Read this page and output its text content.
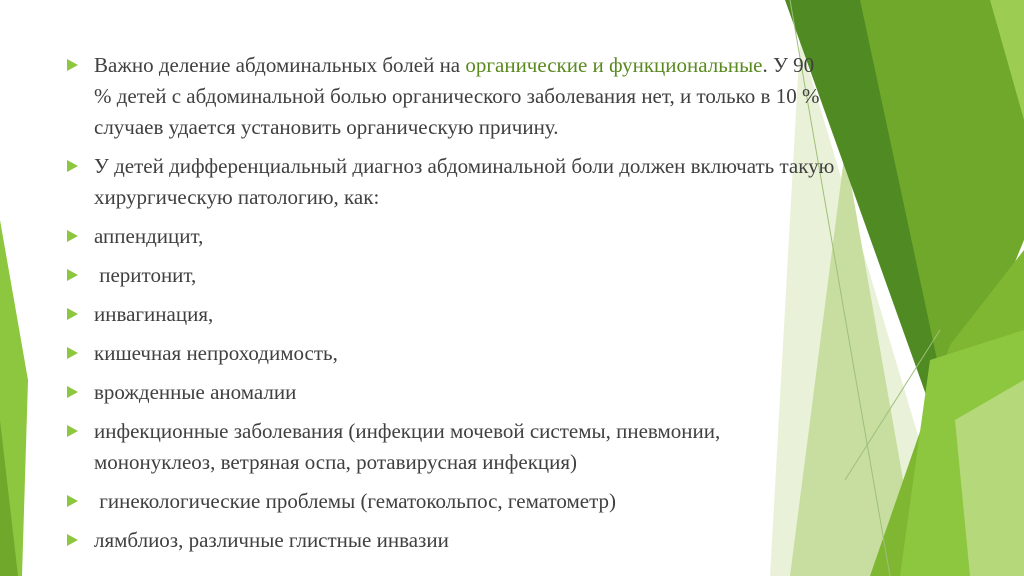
Важно деление абдоминальных болей на органические и функциональные. У 90 % детей с абдоминальной болью органического заболевания нет, и только в 10 % случаев удается установить органическую причину.
У детей дифференциальный диагноз абдоминальной боли должен включать такую хирургическую патологию, как:
аппендицит,
перитонит,
инвагинация,
кишечная непроходимость,
врожденные аномалии
инфекционные заболевания (инфекции мочевой системы, пневмонии, мононуклеоз, ветряная оспа, ротавирусная инфекция)
гинекологические проблемы (гематокольпос, гематометр)
лямблиоз, различные глистные инвазии
